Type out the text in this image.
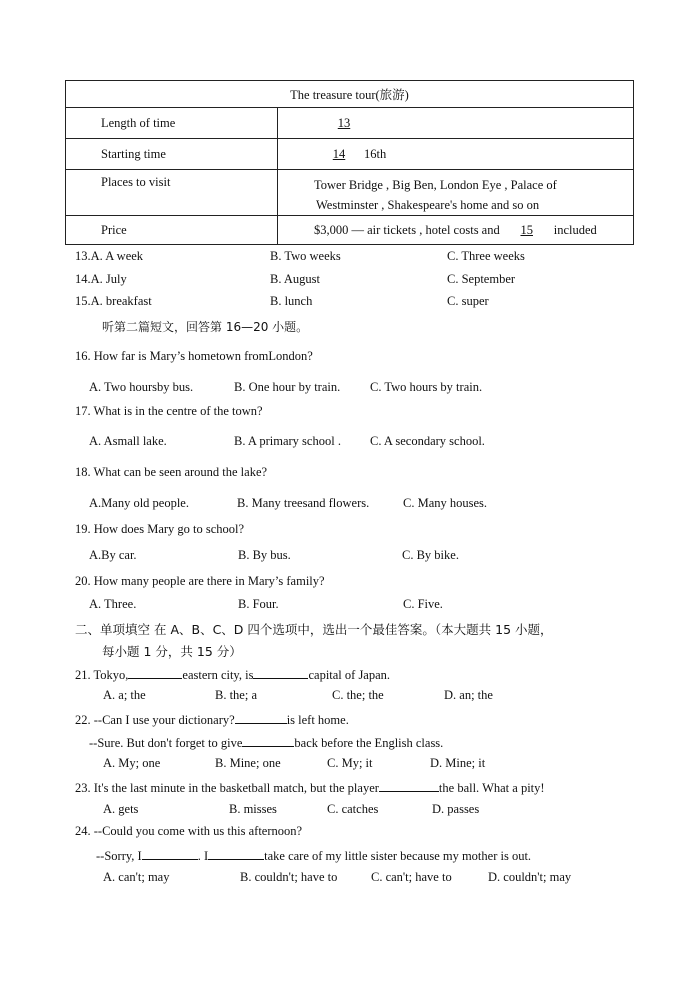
The treasure tour(旅游)	
Length of time	13
Starting time	14 16th
Places to visit	Tower Bridge , Big Ben, London Eye , Palace of
Westminster , Shakespeare's home and so on

Price	$3,000 — air tickets , hotel costs and 15 included
13.A. A week	B. Two weeks	C. Three weeks
14.A. July	B. August	C. September
15.A. breakfast	B. lunch	C. super
听第二篇短文，回答第 16—20 小题。
16. How far is Mary’s hometown fromLondon?
A. Two hoursby bus.	B. One hour by train. C. Two hours by train.
17. What is in the centre of the town?
A. Asmall lake.	B. A primary school . C. A secondary school.
18. What can be seen around the lake?
A.Many old people.	B. Many treesand flowers.	C. Many houses.
19. How does Mary go to school?
A.By car.	B. By bus.	C. By bike.
20. How many people are there in Mary’s family?
A. Three.	B. Four.	C. Five.
二、单项填空 在 A、B、C、D 四个选项中，选出一个最佳答案。（本大题共 15 小题，
每小题 1 分，共 15 分）
21. Tokyo,	eastern city, is	capital of Japan.
A. a; the	B. the; a	C. the; the	D. an; the
22. --Can I use your dictionary?	is left home.
--Sure. But don't forget to give	back before the English class.
A. My; one	B. Mine; one	C. My; it	D. Mine; it
23. It's the last minute in the basketball match, but the player	the ball. What a pity!
A. gets	B. misses	C. catches	D. passes
24. --Could you come with us this afternoon?
--Sorry, I	. I	take care of my little sister because my mother is out.
A. can't; may	B. couldn't; have to	C. can't; have to	D. couldn't; may
